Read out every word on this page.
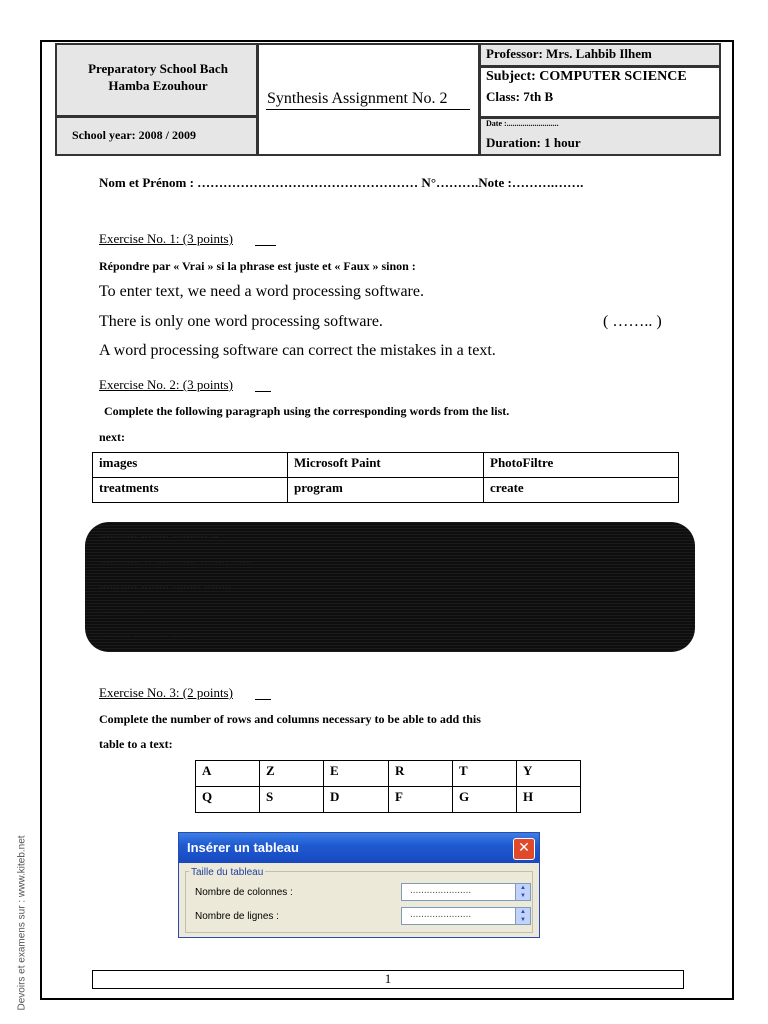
Preparatory School Bach Hamba Ezouhour
School year: 2008 / 2009
Synthesis Assignment No. 2
Professor: Mrs. Lahbib Ilhem
Subject: COMPUTER SCIENCE
Class: 7th B
Date :..........................
Duration: 1 hour
Nom et Prénom : …………………………………………… N°……….Note :……….…….
Exercise No. 1: (3 points)
Répondre par « Vrai » si la phrase est juste et « Faux » sinon :
To enter text, we need a word processing software.
There is only one word processing software.	( …….. )
A word processing software can correct the mistakes in a text.
Exercise No. 2: (3 points)
Complete the following paragraph using the corresponding words from the list.
next:
images	Microsoft Paint	PhotoFiltre
treatments	program	create
........... ........ .......... ..
............ .. ............ ........ ......
........... ........ ........ ........
.............
......... .......... ........
Exercise No. 3: (2 points)
Complete the number of rows and columns necessary to be able to add this
table to a text:
A	Z	E	R	T	Y
Q	S	D	F	G	H
Insérer un tableau	✕
Taille du tableau
Nombre de colonnes :	......................	▲
▼
Nombre de lignes :	......................	▲
▼
1
Devoirs et examens sur : www.kiteb.net
